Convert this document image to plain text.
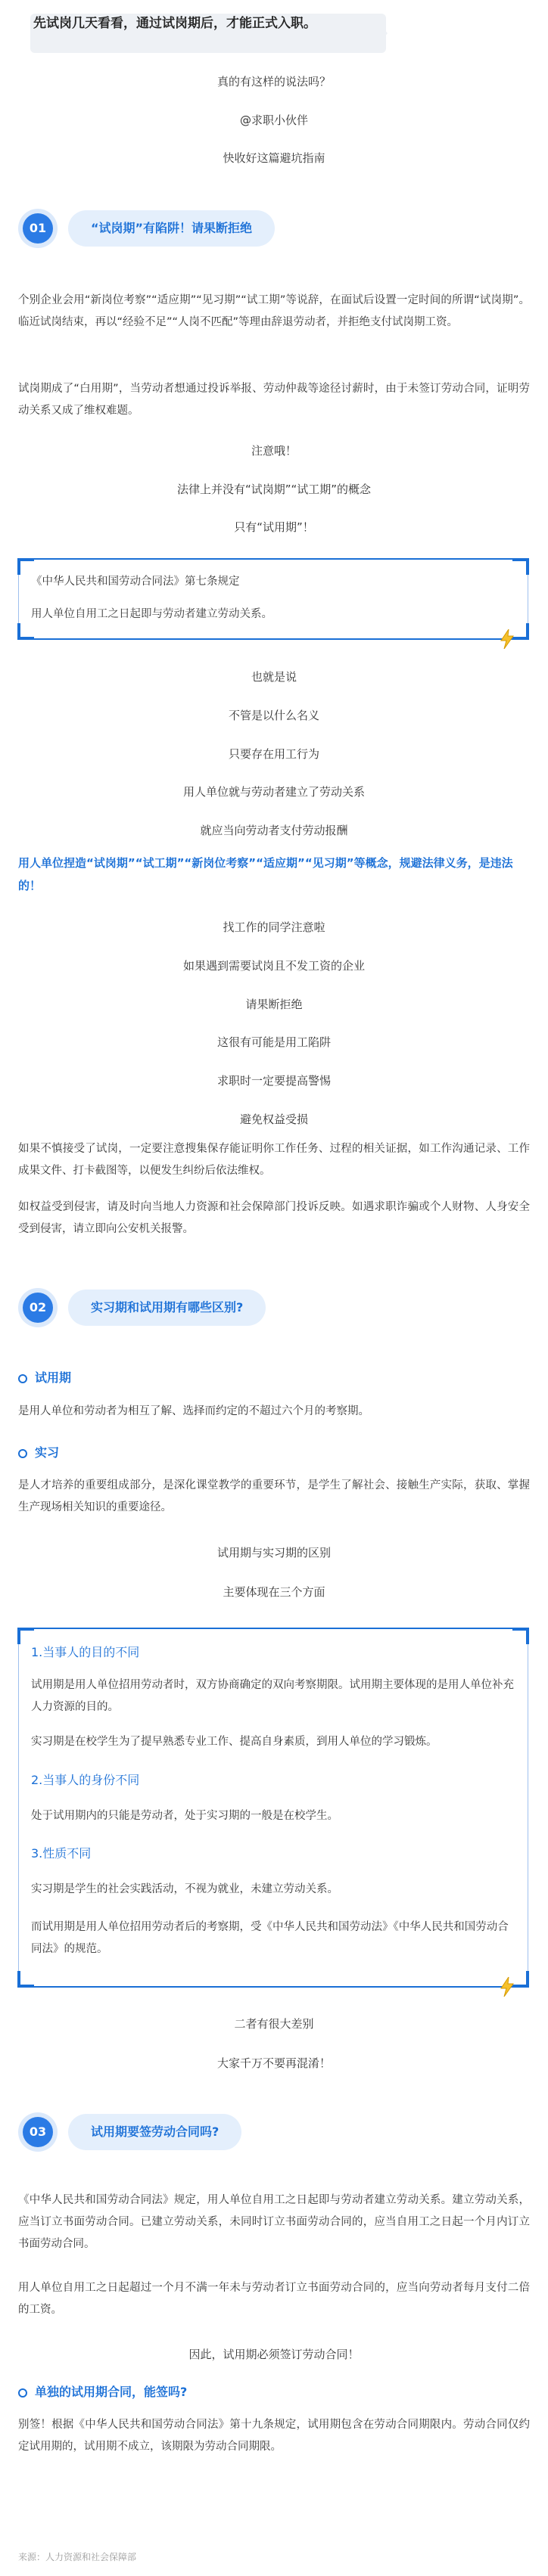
先试岗几天看看，通过试岗期后，才能正式入职。
真的有这样的说法吗？
@求职小伙伴
快收好这篇避坑指南
01	“试岗期”有陷阱！请果断拒绝
个别企业会用“新岗位考察”“适应期”“见习期”“试工期”等说辞，在面试后设置一定时间的所谓“试岗期”。临近试岗结束，再以“经验不足”“人岗不匹配”等理由辞退劳动者，并拒绝支付试岗期工资。
试岗期成了“白用期”，当劳动者想通过投诉举报、劳动仲裁等途径讨薪时，由于未签订劳动合同，证明劳动关系又成了维权难题。
注意哦！
法律上并没有“试岗期”“试工期”的概念
只有“试用期”！
《中华人民共和国劳动合同法》第七条规定
用人单位自用工之日起即与劳动者建立劳动关系。
也就是说
不管是以什么名义
只要存在用工行为
用人单位就与劳动者建立了劳动关系
就应当向劳动者支付劳动报酬
用人单位捏造“试岗期”“试工期”“新岗位考察”“适应期”“见习期”等概念，规避法律义务，是违法的！
找工作的同学注意啦
如果遇到需要试岗且不发工资的企业
请果断拒绝
这很有可能是用工陷阱
求职时一定要提高警惕
避免权益受损
如果不慎接受了试岗，一定要注意搜集保存能证明你工作任务、过程的相关证据，如工作沟通记录、工作成果文件、打卡截图等，以便发生纠纷后依法维权。
如权益受到侵害，请及时向当地人力资源和社会保障部门投诉反映。如遇求职诈骗或个人财物、人身安全受到侵害，请立即向公安机关报警。
02	实习期和试用期有哪些区别?
试用期
是用人单位和劳动者为相互了解、选择而约定的不超过六个月的考察期。
实习
是人才培养的重要组成部分，是深化课堂教学的重要环节，是学生了解社会、接触生产实际，获取、掌握生产现场相关知识的重要途径。
试用期与实习期的区别
主要体现在三个方面
1.当事人的目的不同
试用期是用人单位招用劳动者时，双方协商确定的双向考察期限。试用期主要体现的是用人单位补充人力资源的目的。
实习期是在校学生为了提早熟悉专业工作、提高自身素质，到用人单位的学习锻炼。
2.当事人的身份不同
处于试用期内的只能是劳动者，处于实习期的一般是在校学生。
3.性质不同
实习期是学生的社会实践活动，不视为就业，未建立劳动关系。
而试用期是用人单位招用劳动者后的考察期，受《中华人民共和国劳动法》《中华人民共和国劳动合同法》的规范。
二者有很大差别
大家千万不要再混淆！
03	试用期要签劳动合同吗?
《中华人民共和国劳动合同法》规定，用人单位自用工之日起即与劳动者建立劳动关系。建立劳动关系，应当订立书面劳动合同。已建立劳动关系，未同时订立书面劳动合同的，应当自用工之日起一个月内订立书面劳动合同。
用人单位自用工之日起超过一个月不满一年未与劳动者订立书面劳动合同的，应当向劳动者每月支付二倍的工资。
因此，试用期必须签订劳动合同！
单独的试用期合同，能签吗?
别签！根据《中华人民共和国劳动合同法》第十九条规定，试用期包含在劳动合同期限内。劳动合同仅约定试用期的，试用期不成立，该期限为劳动合同期限。
来源：人力资源和社会保障部
